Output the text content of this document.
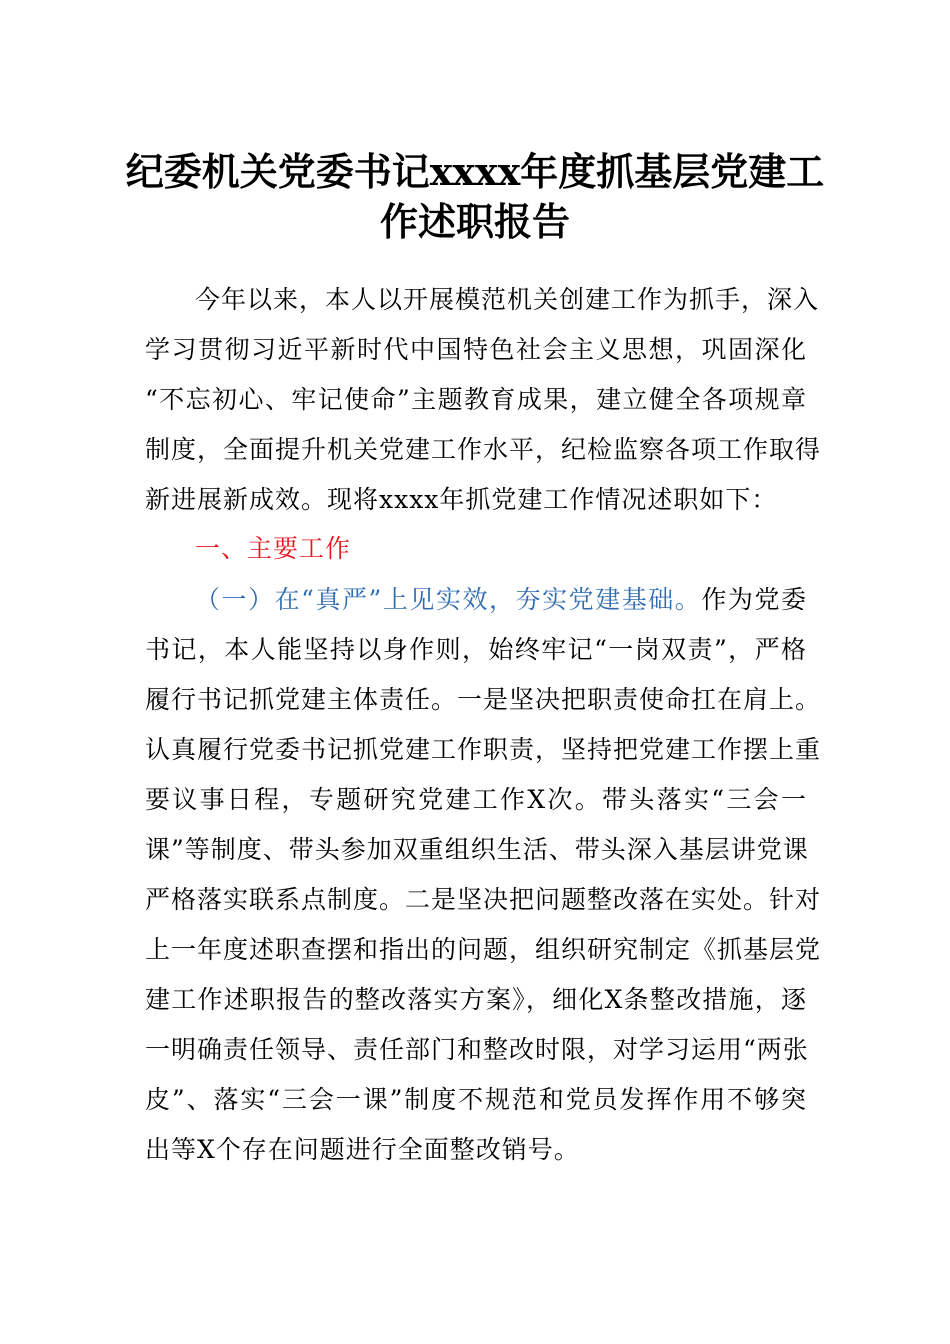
纪委机关党委书记xxxx年度抓基层党建工
作述职报告
今年以来，本人以开展模范机关创建工作为抓手，深入
学习贯彻习近平新时代中国特色社会主义思想，巩固深化
“不忘初心、牢记使命”主题教育成果，建立健全各项规章
制度，全面提升机关党建工作水平，纪检监察各项工作取得
新进展新成效。现将xxxx年抓党建工作情况述职如下：
一、主要工作
（一）在“真严”上见实效，夯实党建基础。作为党委
书记，本人能坚持以身作则，始终牢记“一岗双责”，严格
履行书记抓党建主体责任。一是坚决把职责使命扛在肩上。
认真履行党委书记抓党建工作职责，坚持把党建工作摆上重
要议事日程，专题研究党建工作X次。带头落实“三会一
课”等制度、带头参加双重组织生活、带头深入基层讲党课
严格落实联系点制度。二是坚决把问题整改落在实处。针对
上一年度述职查摆和指出的问题，组织研究制定《抓基层党
建工作述职报告的整改落实方案》，细化X条整改措施，逐
一明确责任领导、责任部门和整改时限，对学习运用“两张
皮”、落实“三会一课”制度不规范和党员发挥作用不够突
出等X个存在问题进行全面整改销号。
